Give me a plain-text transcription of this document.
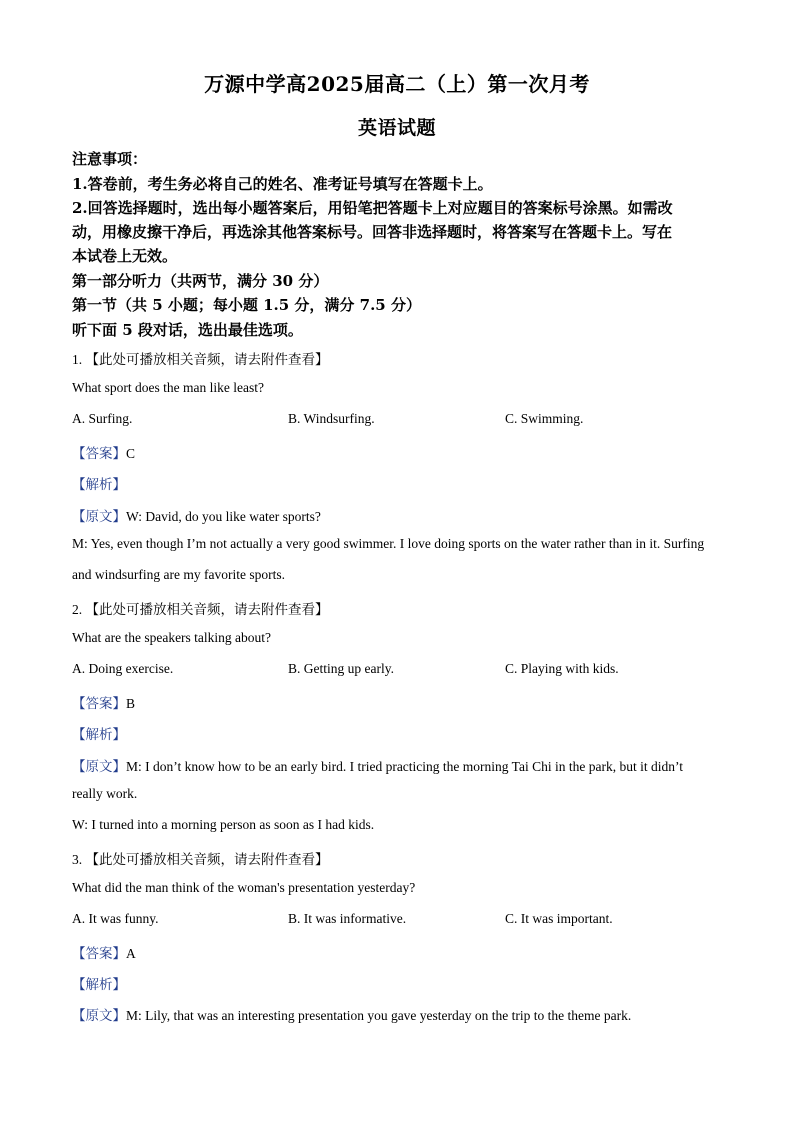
万源中学高2025届高二（上）第一次月考
英语试题
注意事项：
1.答卷前，考生务必将自己的姓名、准考证号填写在答题卡上。
2.回答选择题时，选出每小题答案后，用铅笔把答题卡上对应题目的答案标号涂黑。如需改
动，用橡皮擦干净后，再选涂其他答案标号。回答非选择题时，将答案写在答题卡上。写在
本试卷上无效。
第一部分听力（共两节，满分 30 分）
第一节（共 5 小题；每小题 1.5 分，满分 7.5 分）
听下面 5 段对话，选出最佳选项。
1. 【此处可播放相关音频，请去附件查看】
What sport does the man like least?
A. Surfing.	B. Windsurfing.	C. Swimming.
【答案】C
【解析】
【原文】W: David, do you like water sports?
M: Yes, even though I’m not actually a very good swimmer. I love doing sports on the water rather than in it. Surfing
and windsurfing are my favorite sports.
2. 【此处可播放相关音频，请去附件查看】
What are the speakers talking about?
A. Doing exercise.	B. Getting up early.	C. Playing with kids.
【答案】B
【解析】
【原文】M: I don’t know how to be an early bird. I tried practicing the morning Tai Chi in the park, but it didn’t
really work.
W: I turned into a morning person as soon as I had kids.
3. 【此处可播放相关音频，请去附件查看】
What did the man think of the woman's presentation yesterday?
A. It was funny.	B. It was informative.	C. It was important.
【答案】A
【解析】
【原文】M: Lily, that was an interesting presentation you gave yesterday on the trip to the theme park.
